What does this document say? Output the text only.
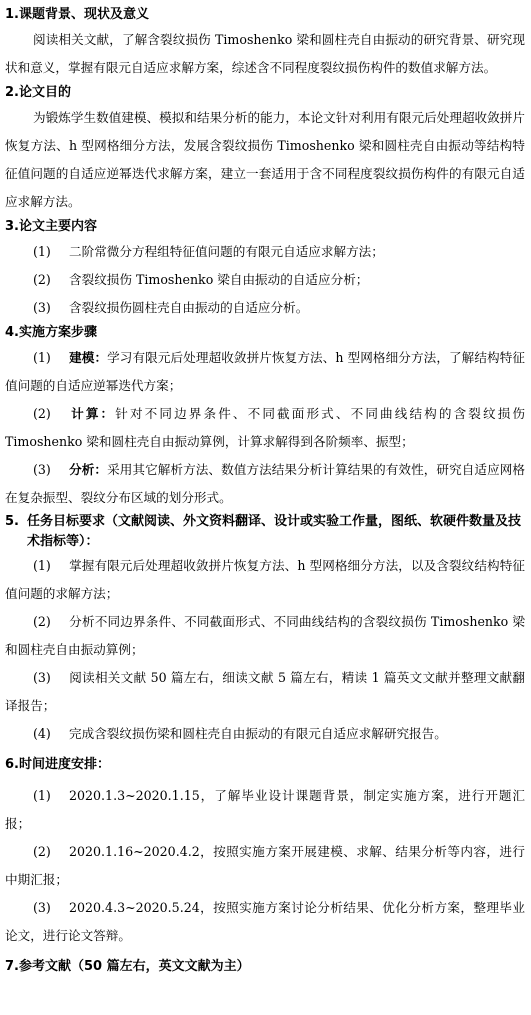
1.课题背景、现状及意义

阅读相关文献，了解含裂纹损伤 Timoshenko 梁和圆柱壳自由振动的研究背景、研究现状和意义，掌握有限元自适应求解方案，综述含不同程度裂纹损伤构件的数值求解方法。

2.论文目的

为锻炼学生数值建模、模拟和结果分析的能力，本论文针对利用有限元后处理超收敛拼片恢复方法、h 型网格细分方法，发展含裂纹损伤 Timoshenko 梁和圆柱壳自由振动等结构特征值问题的自适应逆幂迭代求解方案，建立一套适用于含不同程度裂纹损伤构件的有限元自适应求解方法。

3.论文主要内容

(1) 二阶常微分方程组特征值问题的有限元自适应求解方法；

(2) 含裂纹损伤 Timoshenko 梁自由振动的自适应分析；

(3) 含裂纹损伤圆柱壳自由振动的自适应分析。

4.实施方案步骤

(1) 建模：学习有限元后处理超收敛拼片恢复方法、h 型网格细分方法，了解结构特征值问题的自适应逆幂迭代方案；

(2) 计算：针对不同边界条件、不同截面形式、不同曲线结构的含裂纹损伤 Timoshenko 梁和圆柱壳自由振动算例，计算求解得到各阶频率、振型；

(3) 分析：采用其它解析方法、数值方法结果分析计算结果的有效性，研究自适应网格在复杂振型、裂纹分布区域的划分形式。

5. 任务目标要求（文献阅读、外文资料翻译、设计或实验工作量，图纸、软硬件数量及技术指标等）：

(1) 掌握有限元后处理超收敛拼片恢复方法、h 型网格细分方法，以及含裂纹结构特征值问题的求解方法；

(2) 分析不同边界条件、不同截面形式、不同曲线结构的含裂纹损伤 Timoshenko 梁和圆柱壳自由振动算例；

(3) 阅读相关文献 50 篇左右，细读文献 5 篇左右，精读 1 篇英文文献并整理文献翻译报告；

(4) 完成含裂纹损伤梁和圆柱壳自由振动的有限元自适应求解研究报告。

6.时间进度安排：

(1) 2020.1.3~2020.1.15，了解毕业设计课题背景，制定实施方案，进行开题汇报；

(2) 2020.1.16~2020.4.2，按照实施方案开展建模、求解、结果分析等内容，进行中期汇报；

(3) 2020.4.3~2020.5.24，按照实施方案讨论分析结果、优化分析方案，整理毕业论文，进行论文答辩。

7.参考文献（50 篇左右，英文文献为主）
